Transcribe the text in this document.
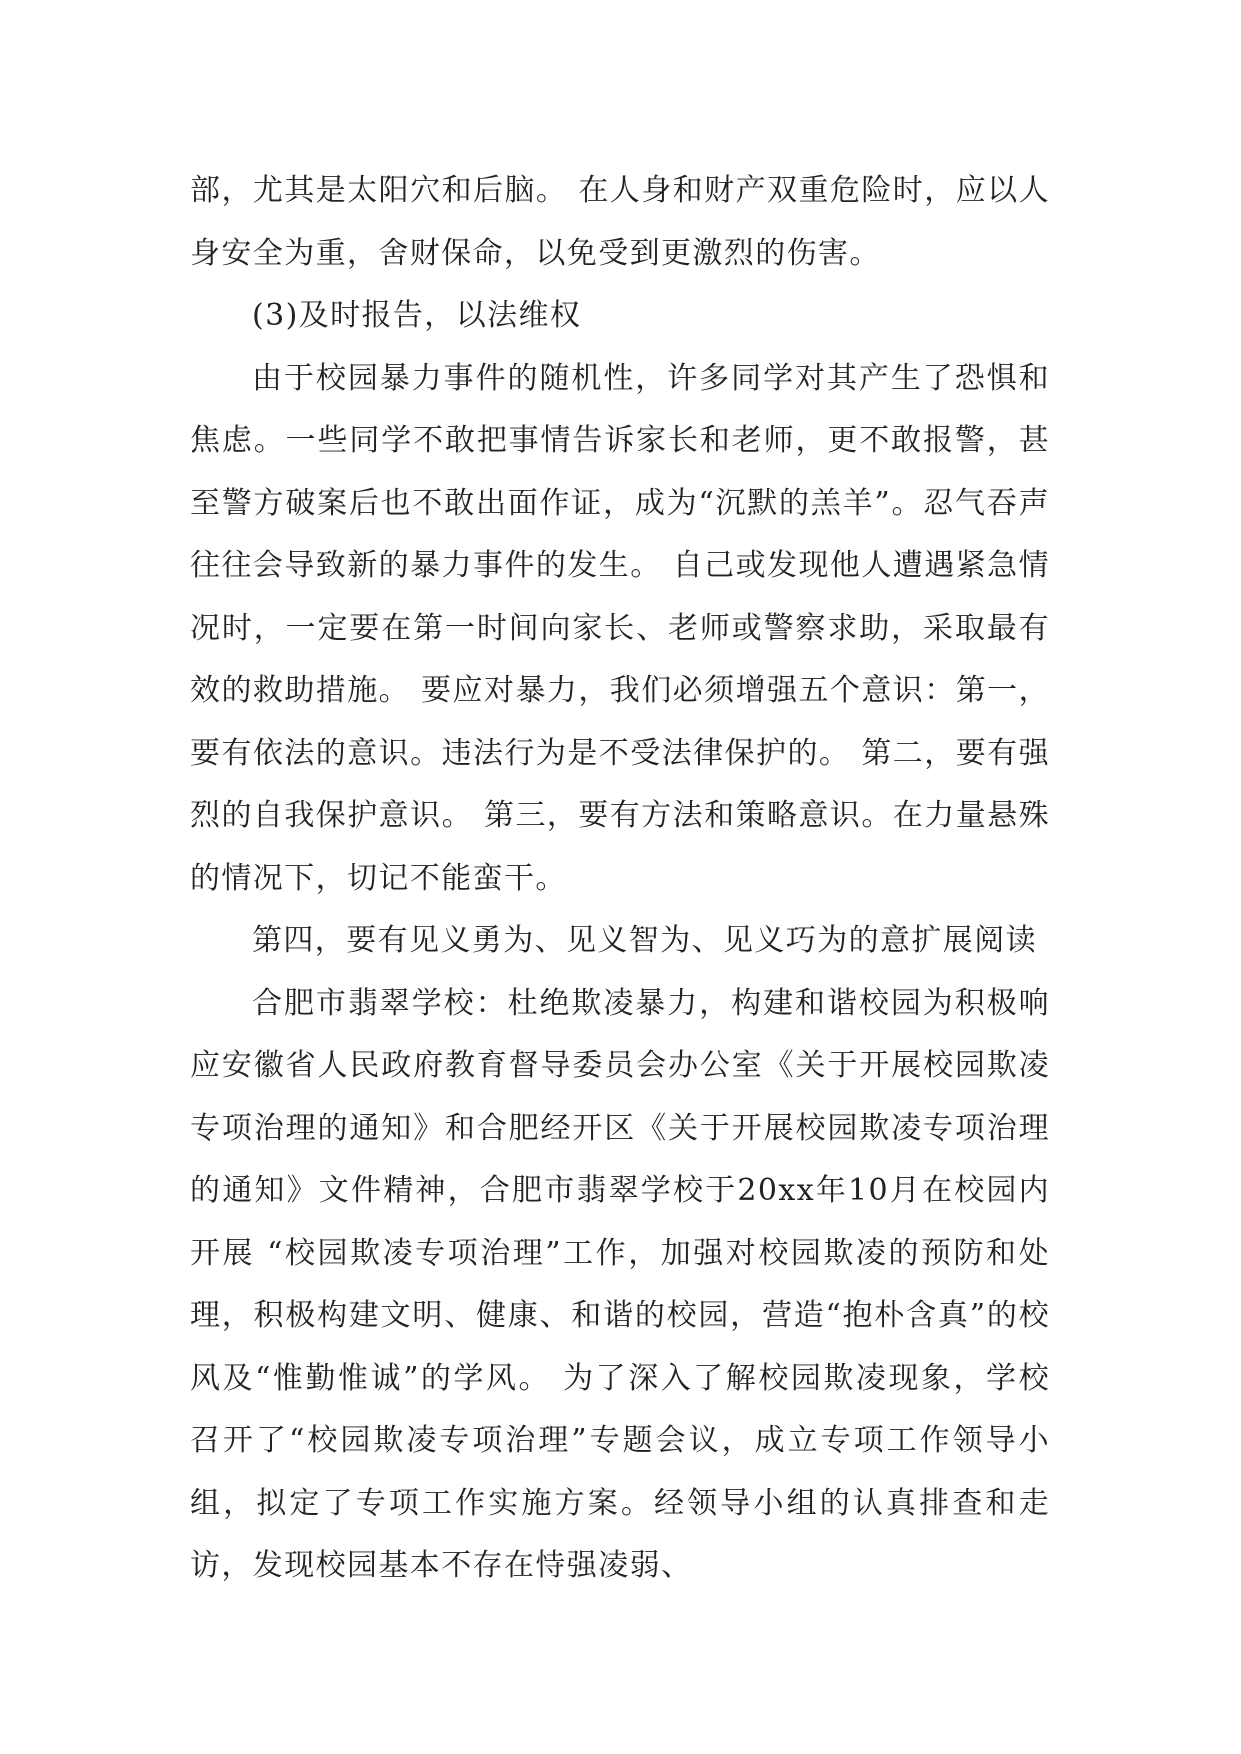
部，尤其是太阳穴和后脑。 在人身和财产双重危险时，应以人身安全为重，舍财保命，以免受到更激烈的伤害。

(3)及时报告，以法维权

由于校园暴力事件的随机性，许多同学对其产生了恐惧和焦虑。一些同学不敢把事情告诉家长和老师，更不敢报警，甚至警方破案后也不敢出面作证，成为“沉默的羔羊”。忍气吞声往往会导致新的暴力事件的发生。 自己或发现他人遭遇紧急情况时，一定要在第一时间向家长、老师或警察求助，采取最有效的救助措施。 要应对暴力，我们必须增强五个意识：第一，要有依法的意识。违法行为是不受法律保护的。 第二，要有强烈的自我保护意识。 第三，要有方法和策略意识。在力量悬殊的情况下，切记不能蛮干。

第四，要有见义勇为、见义智为、见义巧为的意扩展阅读

合肥市翡翠学校：杜绝欺凌暴力，构建和谐校园为积极响应安徽省人民政府教育督导委员会办公室《关于开展校园欺凌专项治理的通知》和合肥经开区《关于开展校园欺凌专项治理的通知》文件精神，合肥市翡翠学校于20xx年10月在校园内开展 “校园欺凌专项治理”工作，加强对校园欺凌的预防和处理，积极构建文明、健康、和谐的校园，营造“抱朴含真”的校风及“惟勤惟诚”的学风。 为了深入了解校园欺凌现象，学校召开了“校园欺凌专项治理”专题会议，成立专项工作领导小组，拟定了专项工作实施方案。经领导小组的认真排查和走访，发现校园基本不存在恃强凌弱、
